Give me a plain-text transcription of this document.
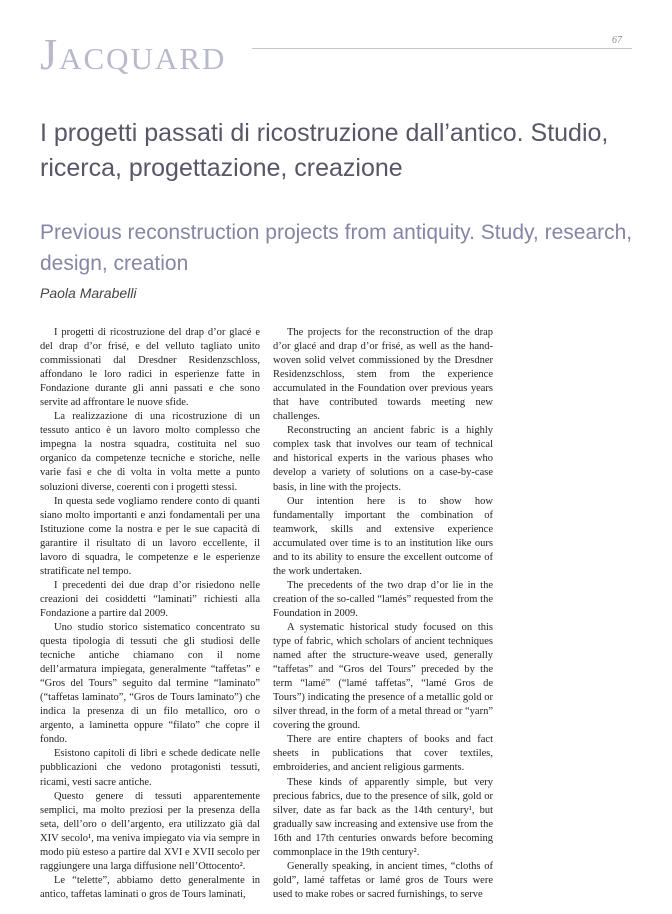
Jacquard	67
I progetti passati di ricostruzione dall’antico. Studio, ricerca, progettazione, creazione
Previous reconstruction projects from antiquity. Study, research, design, creation
Paola Marabelli

I progetti di ricostruzione del drap d’or glacé e del drap d’or frisé, e del velluto tagliato unito commissionati dal Dresdner Residenzschloss, affondano le loro radici in esperienze fatte in Fondazione durante gli anni passati e che sono servite ad affrontare le nuove sfide.

La realizzazione di una ricostruzione di un tessuto antico è un lavoro molto complesso che impegna la nostra squadra, costituita nel suo organico da competenze tecniche e storiche, nelle varie fasi e che di volta in volta mette a punto soluzioni diverse, coerenti con i progetti stessi.

In questa sede vogliamo rendere conto di quanti siano molto importanti e anzi fondamentali per una Istituzione come la nostra e per le sue capacità di garantire il risultato di un lavoro eccellente, il lavoro di squadra, le competenze e le esperienze stratificate nel tempo.

I precedenti dei due drap d’or risiedono nelle creazioni dei cosiddetti “laminati” richiesti alla Fondazione a partire dal 2009.

Uno studio storico sistematico concentrato su questa tipologia di tessuti che gli studiosi delle tecniche antiche chiamano con il nome dell’armatura impiegata, generalmente “taffetas” e “Gros del Tours” seguito dal termine “laminato” (“taffetas laminato”, “Gros de Tours laminato”) che indica la presenza di un filo metallico, oro o argento, a laminetta oppure “filato” che copre il fondo.

Esistono capitoli di libri e schede dedicate nelle pubblicazioni che vedono protagonisti tessuti, ricami, vesti sacre antiche.

Questo genere di tessuti apparentemente semplici, ma molto preziosi per la presenza della seta, dell’oro o dell’argento, era utilizzato già dal XIV secolo¹, ma veniva impiegato via via sempre in modo più esteso a partire dal XVI e XVII secolo per raggiungere una larga diffusione nell’Ottocento².

Le “telette”, abbiamo detto generalmente in antico, taffetas laminati o gros de Tours laminati,

The projects for the reconstruction of the drap d’or glacé and drap d’or frisé, as well as the hand-woven solid velvet commissioned by the Dresdner Residenzschloss, stem from the experience accumulated in the Foundation over previous years that have contributed towards meeting new challenges.

Reconstructing an ancient fabric is a highly complex task that involves our team of technical and historical experts in the various phases who develop a variety of solutions on a case-by-case basis, in line with the projects.

Our intention here is to show how fundamentally important the combination of teamwork, skills and extensive experience accumulated over time is to an institution like ours and to its ability to ensure the excellent outcome of the work undertaken.

The precedents of the two drap d’or lie in the creation of the so-called “lamés” requested from the Foundation in 2009.

A systematic historical study focused on this type of fabric, which scholars of ancient techniques named after the structure-weave used, generally “taffetas” and “Gros del Tours” preceded by the term “lamé” (“lamé taffetas”, “lamé Gros de Tours”) indicating the presence of a metallic gold or silver thread, in the form of a metal thread or “yarn” covering the ground.

There are entire chapters of books and fact sheets in publications that cover textiles, embroideries, and ancient religious garments.

These kinds of apparently simple, but very precious fabrics, due to the presence of silk, gold or silver, date as far back as the 14th century¹, but gradually saw increasing and extensive use from the 16th and 17th centuries onwards before becoming commonplace in the 19th century².

Generally speaking, in ancient times, “cloths of gold”, lamé taffetas or lamé gros de Tours were used to make robes or sacred furnishings, to serve
